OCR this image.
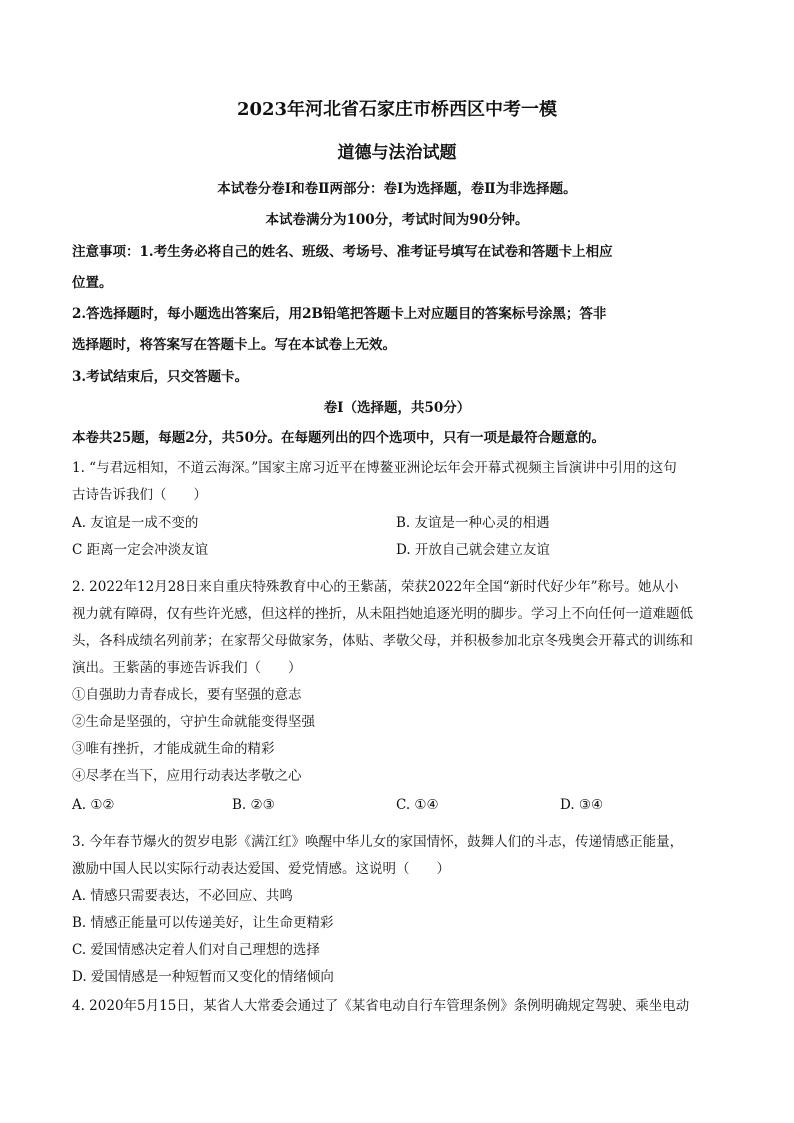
2023年河北省石家庄市桥西区中考一模
道德与法治试题
本试卷分卷Ⅰ和卷Ⅱ两部分：卷Ⅰ为选择题，卷Ⅱ为非选择题。
本试卷满分为100分，考试时间为90分钟。
注意事项：1.考生务必将自己的姓名、班级、考场号、准考证号填写在试卷和答题卡上相应
位置。
2.答选择题时，每小题选出答案后，用2B铅笔把答题卡上对应题目的答案标号涂黑；答非
选择题时，将答案写在答题卡上。写在本试卷上无效。
3.考试结束后，只交答题卡。
卷Ⅰ（选择题，共50分）
本卷共25题，每题2分，共50分。在每题列出的四个选项中，只有一项是最符合题意的。
1. “与君远相知，不道云海深。”国家主席习近平在博鳌亚洲论坛年会开幕式视频主旨演讲中引用的这句
古诗告诉我们（　　）
A. 友谊是一成不变的	B. 友谊是一种心灵的相遇
C 距离一定会冲淡友谊	D. 开放自己就会建立友谊
2. 2022年12月28日来自重庆特殊教育中心的王紫菡，荣获2022年全国“新时代好少年”称号。她从小
视力就有障碍，仅有些许光感，但这样的挫折，从未阻挡她追逐光明的脚步。学习上不向任何一道难题低
头，各科成绩名列前茅；在家帮父母做家务，体贴、孝敬父母，并积极参加北京冬残奥会开幕式的训练和
演出。王紫菡的事迹告诉我们（　　）
①自强助力青春成长，要有坚强的意志
②生命是坚强的，守护生命就能变得坚强
③唯有挫折，才能成就生命的精彩
④尽孝在当下，应用行动表达孝敬之心
A. ①②	B. ②③	C. ①④	D. ③④
3. 今年春节爆火的贺岁电影《满江红》唤醒中华儿女的家国情怀，鼓舞人们的斗志，传递情感正能量，
激励中国人民以实际行动表达爱国、爱党情感。这说明（　　）
A. 情感只需要表达，不必回应、共鸣
B. 情感正能量可以传递美好，让生命更精彩
C. 爱国情感决定着人们对自己理想的选择
D. 爱国情感是一种短暂而又变化的情绪倾向
4. 2020年5月15日，某省人大常委会通过了《某省电动自行车管理条例》条例明确规定驾驶、乘坐电动
